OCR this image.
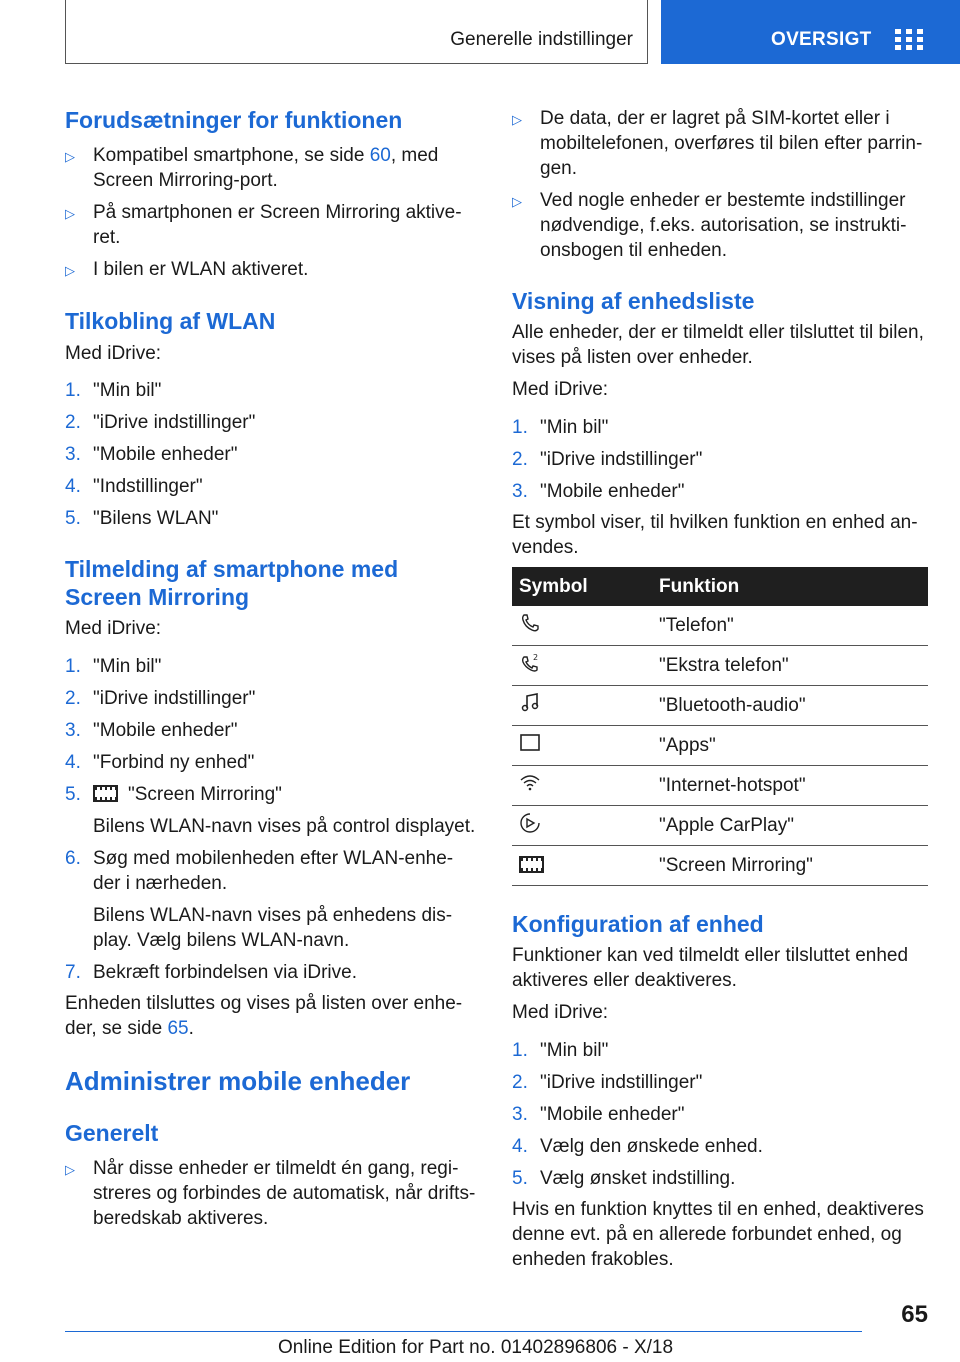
Generelle indstillinger	OVERSIGT
Forudsætninger for funktionen
▷ Kompatibel smartphone, se side 60, med
Screen Mirroring-port.
▷ På smartphonen er Screen Mirroring aktive-
ret.
▷ I bilen er WLAN aktiveret.
Tilkobling af WLAN

Med iDrive:

1. "Min bil"
2. "iDrive indstillinger"
3. "Mobile enheder"
4. "Indstillinger"
5. "Bilens WLAN"
Tilmelding af smartphone med
Screen Mirroring

Med iDrive:

1. "Min bil"
2. "iDrive indstillinger"
3. "Mobile enheder"
4. "Forbind ny enhed"
5.	"Screen Mirroring"
Bilens WLAN-navn vises på control displayet.
6. Søg med mobilenheden efter WLAN-enhe-
der i nærheden.
Bilens WLAN-navn vises på enhedens dis-
play. Vælg bilens WLAN-navn.
7. Bekræft forbindelsen via iDrive.

Enheden tilsluttes og vises på listen over enhe-
der, se side 65.

Administrer mobile enheder
Generelt
▷ Når disse enheder er tilmeldt én gang, regi-
streres og forbindes de automatisk, når drifts-
beredskab aktiveres.
▷ De data, der er lagret på SIM-kortet eller i
mobiltelefonen, overføres til bilen efter parrin-
gen.
▷ Ved nogle enheder er bestemte indstillinger
nødvendige, f.eks. autorisation, se instrukti-
onsbogen til enheden.
Visning af enhedsliste

Alle enheder, der er tilmeldt eller tilsluttet til bilen,
vises på listen over enheder.

Med iDrive:

1. "Min bil"
2. "iDrive indstillinger"
3. "Mobile enheder"

Et symbol viser, til hvilken funktion en enhed an-
vendes.

Symbol	Funktion
	"Telefon"

2	"Ekstra telefon"
	"Bluetooth-audio"
	"Apps"
	"Internet-hotspot"
	"Apple CarPlay"
	"Screen Mirroring"
Konfiguration af enhed

Funktioner kan ved tilmeldt eller tilsluttet enhed
aktiveres eller deaktiveres.

Med iDrive:

1. "Min bil"
2. "iDrive indstillinger"
3. "Mobile enheder"
4. Vælg den ønskede enhed.
5. Vælg ønsket indstilling.

Hvis en funktion knyttes til en enhed, deaktiveres
denne evt. på en allerede forbundet enhed, og
enheden frakobles.

65
Online Edition for Part no. 01402896806 - X/18
